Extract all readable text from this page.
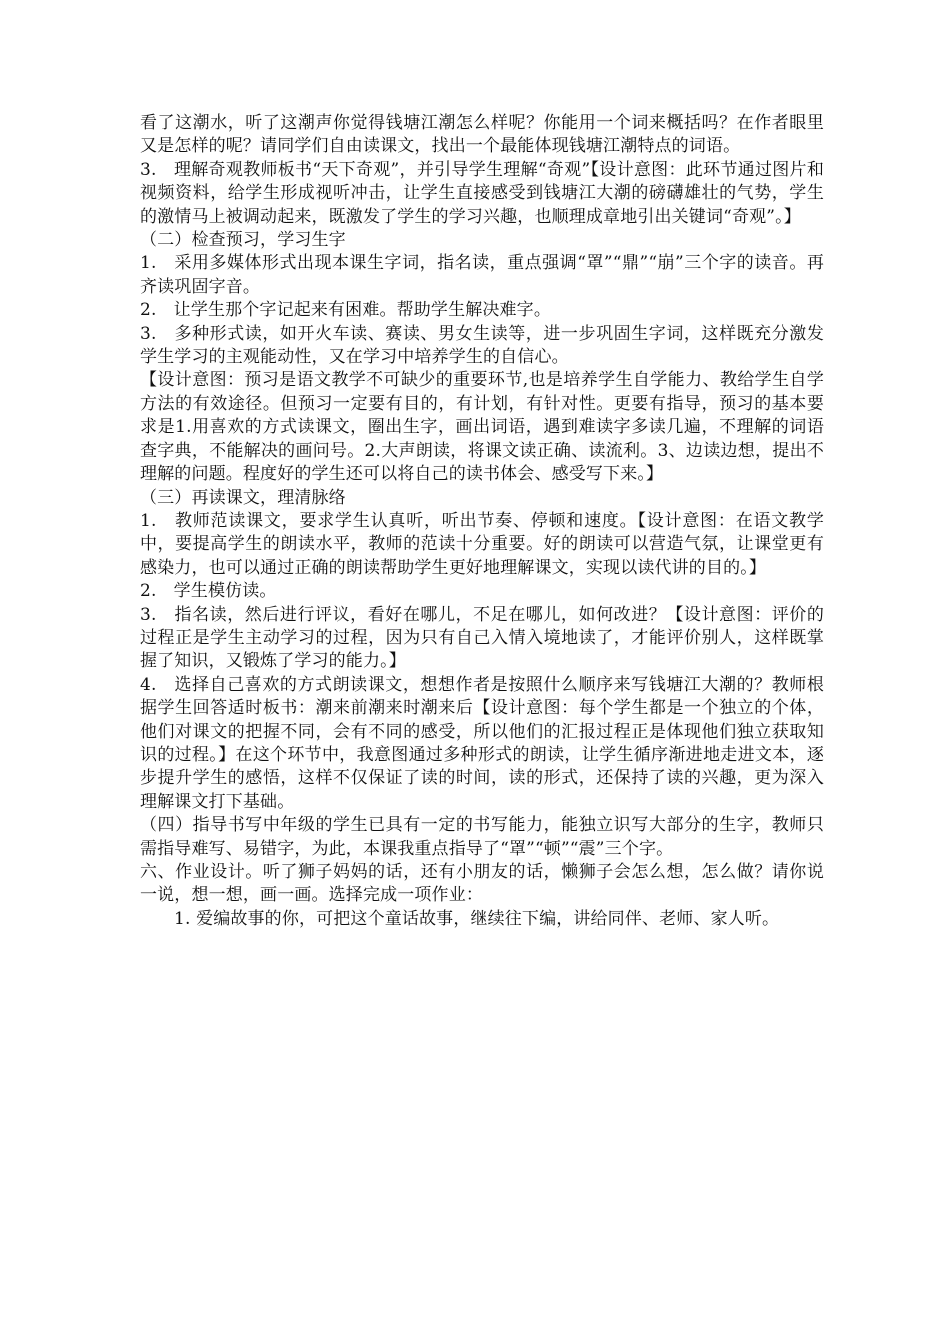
看了这潮水，听了这潮声你觉得钱塘江潮怎么样呢？你能用一个词来概括吗？在作者眼里又是怎样的呢？请同学们自由读课文，找出一个最能体现钱塘江潮特点的词语。

3.　理解奇观教师板书“天下奇观”，并引导学生理解“奇观”【设计意图：此环节通过图片和视频资料，给学生形成视听冲击，让学生直接感受到钱塘江大潮的磅礴雄壮的气势，学生的激情马上被调动起来，既激发了学生的学习兴趣，也顺理成章地引出关键词“奇观”。】

（二）检查预习，学习生字

1.　采用多媒体形式出现本课生字词，指名读，重点强调“罩”“鼎”“崩”三个字的读音。再齐读巩固字音。

2.　让学生那个字记起来有困难。帮助学生解决难字。

3.　多种形式读，如开火车读、赛读、男女生读等，进一步巩固生字词，这样既充分激发学生学习的主观能动性，又在学习中培养学生的自信心。

【设计意图：预习是语文教学不可缺少的重要环节,也是培养学生自学能力、教给学生自学方法的有效途径。但预习一定要有目的，有计划，有针对性。更要有指导，预习的基本要求是1.用喜欢的方式读课文，圈出生字，画出词语，遇到难读字多读几遍，不理解的词语查字典，不能解决的画问号。2.大声朗读，将课文读正确、读流利。3、边读边想，提出不理解的问题。程度好的学生还可以将自己的读书体会、感受写下来。】

（三）再读课文，理清脉络

1.　教师范读课文，要求学生认真听，听出节奏、停顿和速度。【设计意图：在语文教学中，要提高学生的朗读水平，教师的范读十分重要。好的朗读可以营造气氛，让课堂更有感染力，也可以通过正确的朗读帮助学生更好地理解课文，实现以读代讲的目的。】

2.　学生模仿读。

3.　指名读，然后进行评议，看好在哪儿，不足在哪儿，如何改进？【设计意图：评价的过程正是学生主动学习的过程，因为只有自己入情入境地读了，才能评价别人，这样既掌握了知识，又锻炼了学习的能力。】

4.　选择自己喜欢的方式朗读课文，想想作者是按照什么顺序来写钱塘江大潮的？教师根据学生回答适时板书：潮来前潮来时潮来后【设计意图：每个学生都是一个独立的个体，他们对课文的把握不同，会有不同的感受，所以他们的汇报过程正是体现他们独立获取知识的过程。】在这个环节中，我意图通过多种形式的朗读，让学生循序渐进地走进文本，逐步提升学生的感悟，这样不仅保证了读的时间，读的形式，还保持了读的兴趣，更为深入理解课文打下基础。

（四）指导书写中年级的学生已具有一定的书写能力，能独立识写大部分的生字，教师只需指导难写、易错字，为此，本课我重点指导了“罩”“顿”“震”三个字。

六、作业设计。听了狮子妈妈的话，还有小朋友的话，懒狮子会怎么想，怎么做？请你说一说，想一想，画一画。选择完成一项作业：

1. 爱编故事的你，可把这个童话故事，继续往下编，讲给同伴、老师、家人听。
